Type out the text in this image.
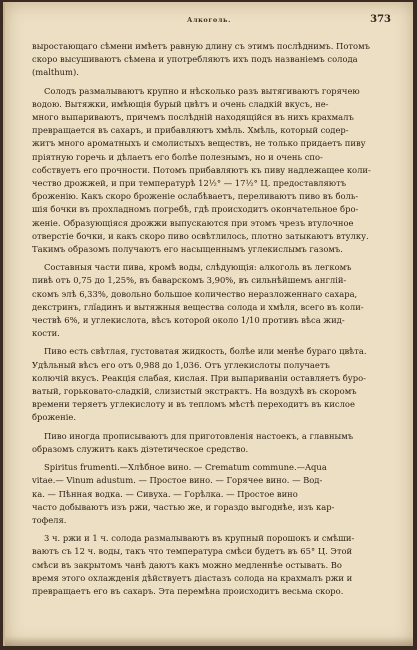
Алкоголь.	373

выростающаго сѣмени имѣетъ равную длину съ этимъ послѣднимъ. Потомъ
скоро высушиваютъ сѣмена и употребляютъ ихъ подъ названіемъ солода
(malthum).

Солодъ размалываютъ крупно и нѣсколько разъ вытягиваютъ горячею
водою. Вытяжки, имѣющія бурый цвѣтъ и очень сладкій вкусъ, не-
много выпариваютъ, причемъ послѣдній находящійся въ нихъ крахмалъ
превращается въ сахаръ, и прибавляютъ хмѣль. Хмѣль, который содер-
житъ много ароматныхъ и смолистыхъ веществъ, не только придаетъ пиву
пріятную горечь и дѣлаетъ его болѣе полезнымъ, но и очень спо-
собствуетъ его прочности. Потомъ прибавляютъ къ пиву надлежащее коли-
чество дрожжей, и при температурѣ 12½° — 17½° Ц. предоставляютъ
броженію. Какъ скоро броженіе ослабѣваетъ, переливаютъ пиво въ боль-
шія бочки въ прохладномъ погребѣ, гдѣ происходитъ окончательное бро-
женіе. Образующіяся дрожжи выпускаются при этомъ чрезъ втулочное
отверстіе бочки, и какъ скоро пиво освѣтлилось, плотно затыкаютъ втулку.
Такимъ образомъ получаютъ его насыщеннымъ углекислымъ газомъ.

Составныя части пива, кромѣ воды, слѣдующія: алкоголь въ легкомъ
пивѣ отъ 0,75 до 1,25%, въ баварскомъ 3,90%, въ сильнѣйшемъ англій-
скомъ элѣ 6,33%, довольно большое количество неразложеннаго сахара,
декстринъ, глïадинъ и вытяжныя вещества солода и хмѣля, всего въ коли-
чествѣ 6%, и углекислота, вѣсъ которой около 1/10 противъ вѣса жид-
кости.

Пиво есть свѣтлая, густоватая жидкость, болѣе или менѣе бураго цвѣта.
Удѣльный вѣсъ его отъ 0,988 до 1,036. Отъ углекислоты получаетъ
колючій вкусъ. Реакція слабая, кислая. При выпариваніи оставляетъ буро-
ватый, горьковато-сладкій, слизистый экстрактъ. На воздухѣ въ скоромъ
времени теряетъ углекислоту и въ тепломъ мѣстѣ переходитъ въ кислое
броженіе.

Пиво иногда прописываютъ для приготовленія настоекъ, а главнымъ
образомъ служитъ какъ діэтетическое средство.

Spiritus frumenti.—Хлѣбное вино. — Crematum commune.—Aqua
vitae.— Vinum adustum. — Простое вино. — Горячее вино. — Вод-
ка. — Пѣнная водка. — Сивуха. — Горѣлка. — Простое вино
часто добываютъ изъ ржи, частью же, и гораздо выгоднѣе, изъ кар-
тофеля.

3 ч. ржи и 1 ч. солода размалываютъ въ крупный порошокъ и смѣши-
ваютъ съ 12 ч. воды, такъ что температура смѣси будетъ въ 65° Ц. Этой
смѣси въ закрытомъ чанѣ даютъ какъ можно медленнѣе остывать. Во
время этого охлажденія дѣйствуетъ діастазъ солода на крахмалъ ржи и
превращаетъ его въ сахаръ. Эта перемѣна происходитъ весьма скоро.
